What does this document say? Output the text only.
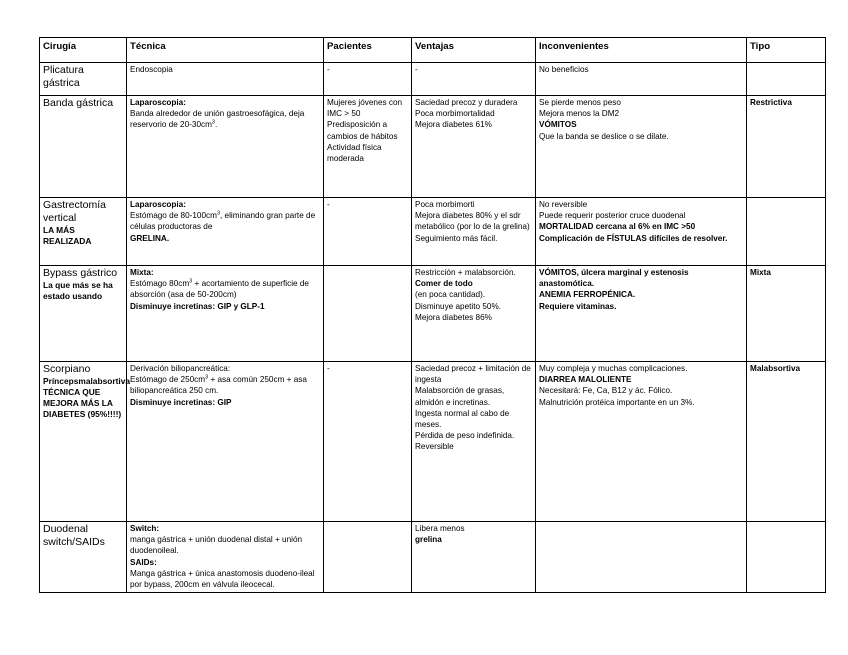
Cirugía	Técnica	Pacientes	Ventajas	Inconvenientes	Tipo
Plicatura gástrica	Endoscopia	-	-	No beneficios	

Banda gástrica	Laparoscopia:
Banda alrededor de unión gastroesofágica, deja reservorio de $20-30cm^3$.	Mujeres jóvenes con IMC > 50
Predisposición a cambios de hábitos
Actividad física moderada	Saciedad precoz y duradera
Poca morbimortalidad
Mejora diabetes 61%	Se pierde menos peso
Mejora menos la DM2
VÓMITOS
Que la banda se deslice o se dilate.	Restrictiva
Gastrectomía vertical
LA MÁS REALIZADA	Laparoscopia:
Estómago de $80-100cm^3$, eliminando gran parte de células productoras de
GRELINA.	-	Poca morbimorti
Mejora diabetes 80% y el sdr metabólico (por lo de la grelina)
Seguimiento más fácil.	No reversible
Puede requerir posterior cruce duodenal
MORTALIDAD cercana al 6% en IMC >50
Complicación de FÍSTULAS difíciles de resolver.	

Bypass gástrico
La que más se ha estado usando	Mixta:
Estómago $80cm^3$ + acortamiento de superficie de absorción (asa de 50-200cm)
Disminuye incretinas: GIP y GLP-1		Restricción + malabsorción.
Comer de todo
(en poca cantidad).
Disminuye apetito 50%.
Mejora diabetes 86%	VÓMITOS, úlcera marginal y estenosis anastomótica.
ANEMIA FERROPÉNICA.
Requiere vitaminas.	Mixta
Scorpiano
Príncepsmalabsortiva
TÉCNICA QUE MEJORA MÁS LA DIABETES (95%!!!!)	Derivación biliopancreática:
Estómago de $250cm^3$ + asa común 250cm + asa biliopancreática 250 cm.
Disminuye incretinas: GIP	-	Saciedad precoz + limitación de ingesta
Malabsorción de grasas, almidón e incretinas.
Ingesta normal al cabo de meses.
Pérdida de peso indefinida.
Reversible	Muy compleja y muchas complicaciones.
DIARREA MALOLIENTE
Necesitará: Fe, Ca, B12 y ác. Fólico.
Malnutrición protéica importante en un 3%.	Malabsortiva
Duodenal switch/SAIDs	Switch:
manga gástrica + unión duodenal distal + unión duodenoileal.
SAIDs:
Manga gástrica + única anastomosis duodeno-ileal por bypass, 200cm en válvula ileocecal.		Libera menos
grelina		
